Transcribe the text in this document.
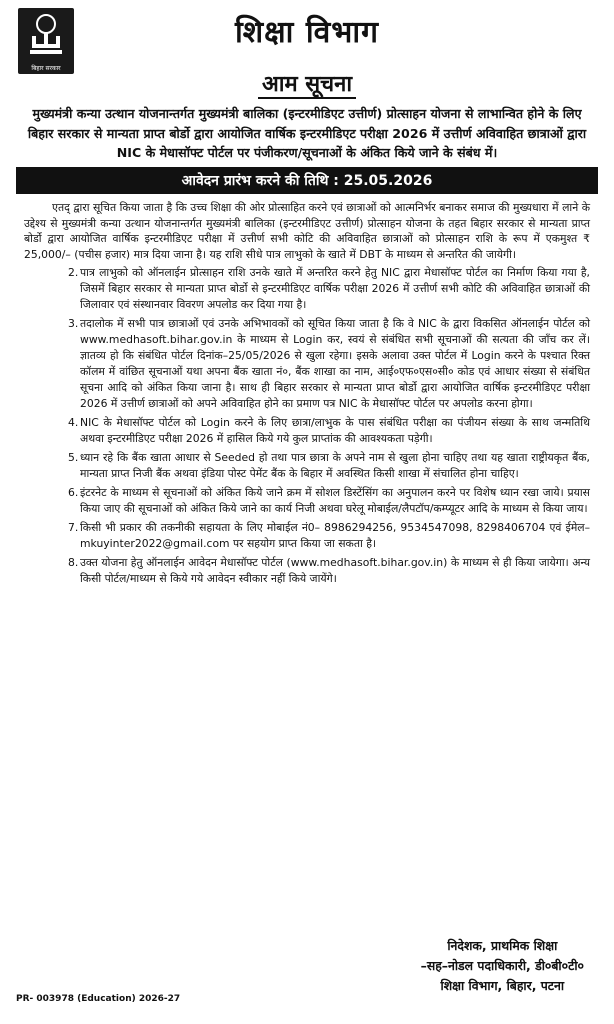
बिहार सरकार
शिक्षा विभाग
आम सूचना
मुख्यमंत्री कन्या उत्थान योजनान्तर्गत मुख्यमंत्री बालिका (इन्टरमीडिएट उत्तीर्ण) प्रोत्साहन योजना से लाभान्वित होने के लिए बिहार सरकार से मान्यता प्राप्त बोर्डो द्वारा आयोजित वार्षिक इन्टरमीडिएट परीक्षा 2026 में उत्तीर्ण अविवाहित छात्राओं द्वारा NIC के मेधासॉफ्ट पोर्टल पर पंजीकरण/सूचनाओं के अंकित किये जाने के संबंध में।
आवेदन प्रारंभ करने की तिथि : 25.05.2026
एतद् द्वारा सूचित किया जाता है कि उच्च शिक्षा की ओर प्रोत्साहित करने एवं छात्राओं को आत्मनिर्भर बनाकर समाज की मुख्यधारा में लाने के उद्देश्य से मुख्यमंत्री कन्या उत्थान योजनान्तर्गत मुख्यमंत्री बालिका (इन्टरमीडिएट उत्तीर्ण) प्रोत्साहन योजना के तहत बिहार सरकार से मान्यता प्राप्त बोर्डो द्वारा आयोजित वार्षिक इन्टरमीडिएट परीक्षा में उत्तीर्ण सभी कोटि की अविवाहित छात्राओं को प्रोत्साहन राशि के रूप में एकमुश्त ₹ 25,000/– (पचीस हजार) मात्र दिया जाना है। यह राशि सीधे पात्र लाभुको के खाते में DBT के माध्यम से अन्तरित की जायेगी।
2. पात्र लाभुको को ऑनलाईन प्रोत्साहन राशि उनके खाते में अन्तरित करने हेतु NIC द्वारा मेधासॉफ्ट पोर्टल का निर्माण किया गया है, जिसमें बिहार सरकार से मान्यता प्राप्त बोर्डो से इन्टरमीडिएट वार्षिक परीक्षा 2026 में उत्तीर्ण सभी कोटि की अविवाहित छात्राओं की जिलावार एवं संस्थानवार विवरण अपलोड कर दिया गया है।
3. तदालोक में सभी पात्र छात्राओं एवं उनके अभिभावकों को सूचित किया जाता है कि वे NIC के द्वारा विकसित ऑनलाईन पोर्टल को www.medhasoft.bihar.gov.in के माध्यम से Login कर, स्वयं से संबंधित सभी सूचनाओं की सत्यता की जाँच कर लें। ज्ञातव्य हो कि संबंधित पोर्टल दिनांक–25/05/2026 से खुला रहेगा। इसके अलावा उक्त पोर्टल में Login करने के पश्चात रिक्त कॉलम में वांछित सूचनाओं यथा अपना बैंक खाता नं०, बैंक शाखा का नाम, आई०एफ०एस०सी० कोड एवं आधार संख्या से संबंधित सूचना आदि को अंकित किया जाना है। साथ ही बिहार सरकार से मान्यता प्राप्त बोर्डो द्वारा आयोजित वार्षिक इन्टरमीडिएट परीक्षा 2026 में उत्तीर्ण छात्राओं को अपने अविवाहित होने का प्रमाण पत्र NIC के मेधासॉफ्ट पोर्टल पर अपलोड करना होगा।
4. NIC के मेधासॉफ्ट पोर्टल को Login करने के लिए छात्रा/लाभुक के पास संबंधित परीक्षा का पंजीयन संख्या के साथ जन्मतिथि अथवा इन्टरमीडिएट परीक्षा 2026 में हासिल किये गये कुल प्राप्तांक की आवश्यकता पड़ेगी।
5. ध्यान रहे कि बैंक खाता आधार से Seeded हो तथा पात्र छात्रा के अपने नाम से खुला होना चाहिए तथा यह खाता राष्ट्रीयकृत बैंक, मान्यता प्राप्त निजी बैंक अथवा इंडिया पोस्ट पेमेंट बैंक के बिहार में अवस्थित किसी शाखा में संचालित होना चाहिए।
6. इंटरनेट के माध्यम से सूचनाओं को अंकित किये जाने क्रम में सोशल डिस्टेंसिंग का अनुपालन करने पर विशेष ध्यान रखा जाये। प्रयास किया जाए की सूचनाओं को अंकित किये जाने का कार्य निजी अथवा घरेलू मोबाईल/लैपटॉप/कम्प्यूटर आदि के माध्यम से किया जाय।
7. किसी भी प्रकार की तकनीकी सहायता के लिए मोबाईल नं0– 8986294256, 9534547098, 8298406704 एवं ईमेल–mkuyinter2022@gmail.com पर सहयोग प्राप्त किया जा सकता है।
8. उक्त योजना हेतु ऑनलाईन आवेदन मेधासॉफ्ट पोर्टल (www.medhasoft.bihar.gov.in) के माध्यम से ही किया जायेगा। अन्य किसी पोर्टल/माध्यम से किये गये आवेदन स्वीकार नहीं किये जायेंगे।
निदेशक, प्राथमिक शिक्षा
–सह–नोडल पदाधिकारी, डी०बी०टी०
शिक्षा विभाग, बिहार, पटना
PR- 003978 (Education) 2026-27
